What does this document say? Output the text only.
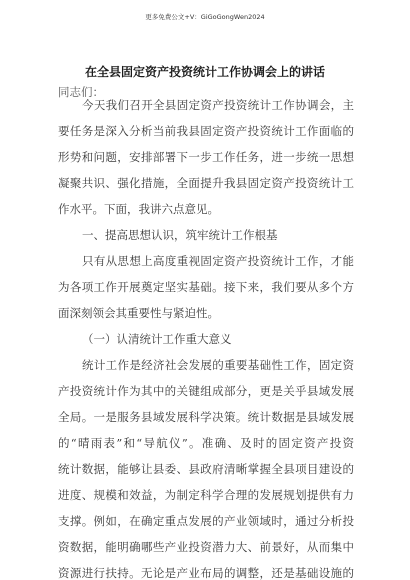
更多免费公文+V：GiGoGongWen2024
在全县固定资产投资统计工作协调会上的讲话
同志们：
今天我们召开全县固定资产投资统计工作协调会，主
要任务是深入分析当前我县固定资产投资统计工作面临的
形势和问题，安排部署下一步工作任务，进一步统一思想
凝聚共识、强化措施，全面提升我县固定资产投资统计工
作水平。下面，我讲六点意见。
一、提高思想认识，筑牢统计工作根基
只有从思想上高度重视固定资产投资统计工作，才能
为各项工作开展奠定坚实基础。接下来，我们要从多个方
面深刻领会其重要性与紧迫性。
（一）认清统计工作重大意义
统计工作是经济社会发展的重要基础性工作，固定资
产投资统计作为其中的关键组成部分，更是关乎县域发展
全局。一是服务县域发展科学决策。统计数据是县域发展
的“晴雨表”和“导航仪”。准确、及时的固定资产投资
统计数据，能够让县委、县政府清晰掌握全县项目建设的
进度、规模和效益，为制定科学合理的发展规划提供有力
支撑。例如，在确定重点发展的产业领域时，通过分析投
资数据，能明确哪些产业投资潜力大、前景好，从而集中
资源进行扶持。无论是产业布局的调整，还是基础设施的
